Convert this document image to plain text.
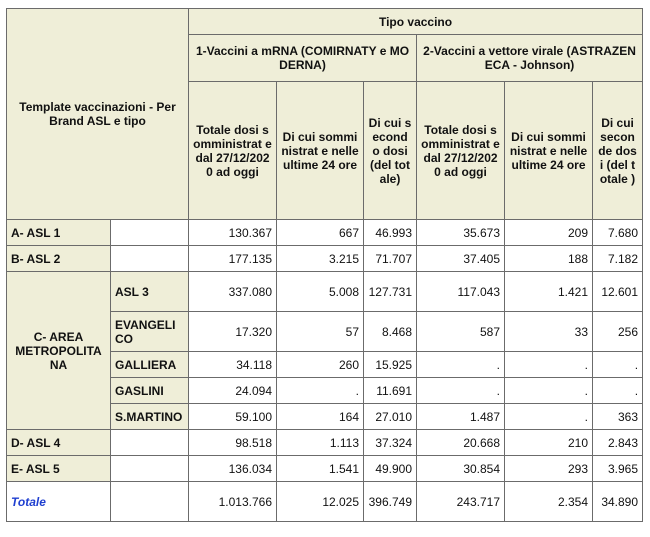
Template vaccinazioni - Per Brand ASL e tipo		Tipo vaccino					
		1-Vaccini a mRNA (COMIRNATY e MODERNA)			2-Vaccini a vettore virale (ASTRAZENECA - Johnson)		
		Totale dosi somministrat e dal 27/12/2020 ad oggi	Di cui somministrat e nelle ultime 24 ore	Di cui second o dosi (del totale)	Totale dosi somministrat e dal 27/12/2020 ad oggi	Di cui somministrat e nelle ultime 24 ore	Di cui secon de dosi (del totale )
A- ASL 1		130.367	667	46.993	35.673	209	7.680
B- ASL 2		177.135	3.215	71.707	37.405	188	7.182
C- AREA METROPOLITANA	ASL 3	337.080	5.008	127.731	117.043	1.421	12.601
	EVANGELICO	17.320	57	8.468	587	33	256
	GALLIERA	34.118	260	15.925	.	.	.
	GASLINI	24.094	.	11.691	.	.	.
	S.MARTINO	59.100	164	27.010	1.487	.	363
D- ASL 4		98.518	1.113	37.324	20.668	210	2.843
E- ASL 5		136.034	1.541	49.900	30.854	293	3.965
Totale		1.013.766	12.025	396.749	243.717	2.354	34.890
